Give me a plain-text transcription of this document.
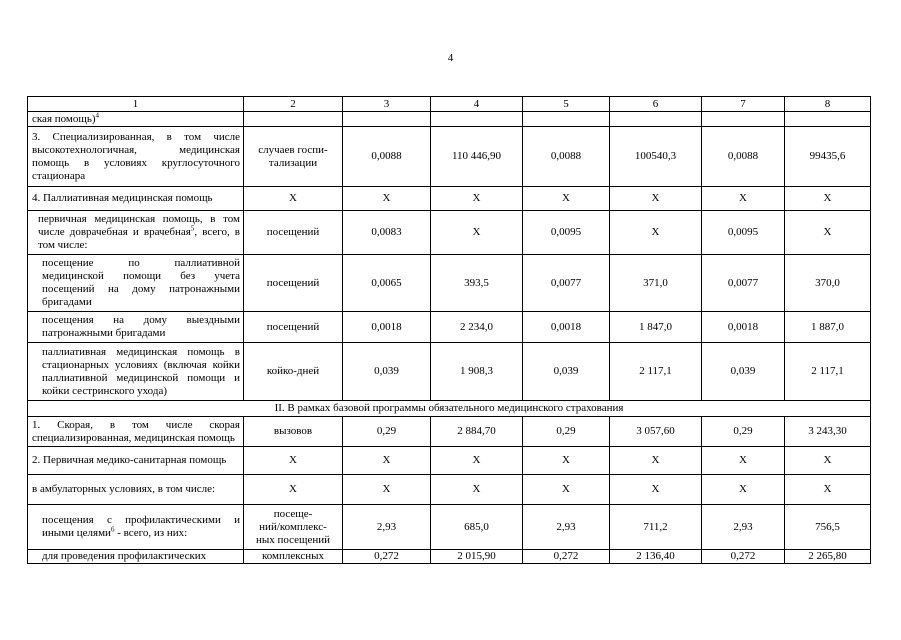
4
1	2	3	4	5	6	7	8
ская помощь)$^4$							
3. Специализированная, в том числе высокотехнологичная, медицинская помощь в условиях круглосуточного стационара	случаев госпи-
тализации	0,0088	110 446,90	0,0088	100540,3	0,0088	99435,6
4. Паллиативная медицинская помощь	Х	Х	Х	Х	Х	Х	Х
первичная медицинская помощь, в том числе доврачебная и врачебная$^5$, всего, в том числе:	посещений	0,0083	Х	0,0095	Х	0,0095	Х
посещение по паллиативной медицинской помощи без учета посещений на дому патронажными бригадами	посещений	0,0065	393,5	0,0077	371,0	0,0077	370,0
посещения на дому выездными патронажными бригадами	посещений	0,0018	2 234,0	0,0018	1 847,0	0,0018	1 887,0
паллиативная медицинская помощь в стационарных условиях (включая койки паллиативной медицинской помощи и койки сестринского ухода)	койко-дней	0,039	1 908,3	0,039	2 117,1	0,039	2 117,1
II. В рамках базовой программы обязательного медицинского страхования							
1. Скорая, в том числе скорая специализированная, медицинская помощь	вызовов	0,29	2 884,70	0,29	3 057,60	0,29	3 243,30
2. Первичная медико-санитарная помощь	Х	Х	Х	Х	Х	Х	Х
в амбулаторных условиях, в том числе:	Х	Х	Х	Х	Х	Х	Х
посещения с профилактическими и иными целями$^6$ - всего, из них:	посеще-
ний/комплекс-
ных посещений	2,93	685,0	2,93	711,2	2,93	756,5
для проведения профилактических	комплексных	0,272	2 015,90	0,272	2 136,40	0,272	2 265,80
